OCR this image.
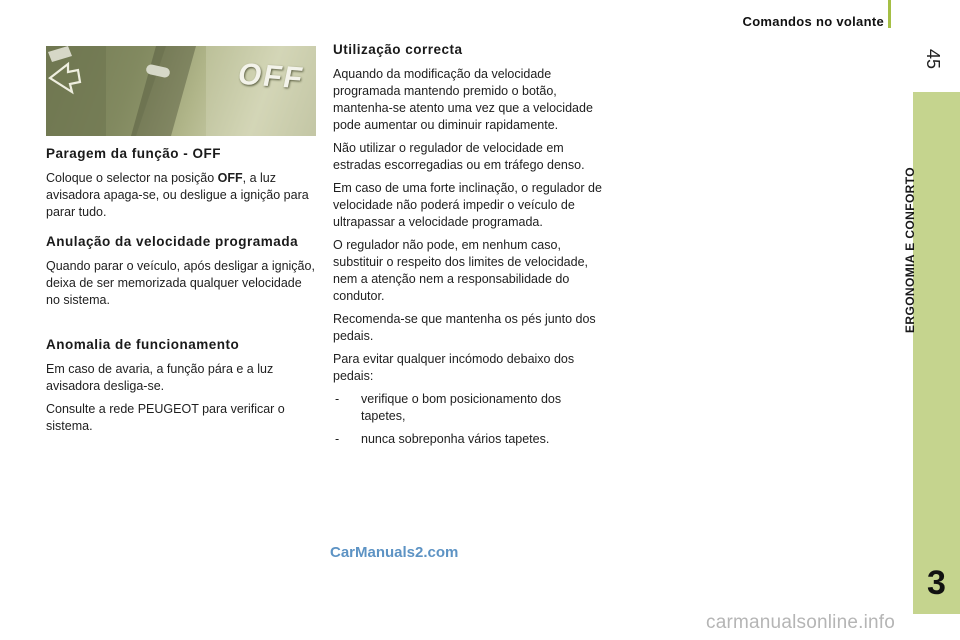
Comandos no volante
45
ERGONOMIA E CONFORTO
3
OFF
Paragem da função - OFF

Coloque o selector na posição OFF, a luz avisadora apaga-se, ou desligue a ignição para parar tudo.

Anulação da velocidade programada

Quando parar o veículo, após desligar a ignição, deixa de ser memorizada qualquer velocidade no sistema.

Anomalia de funcionamento

Em caso de avaria, a função pára e a luz avisadora desliga-se.

Consulte a rede PEUGEOT para verificar o sistema.

Utilização correcta

Aquando da modificação da velocidade programada mantendo premido o botão, mantenha-se atento uma vez que a velocidade pode aumentar ou diminuir rapidamente.

Não utilizar o regulador de velocidade em estradas escorregadias ou em tráfego denso.

Em caso de uma forte inclinação, o regulador de velocidade não poderá impedir o veículo de ultrapassar a velocidade programada.

O regulador não pode, em nenhum caso, substituir o respeito dos limites de velocidade, nem a atenção nem a responsabilidade do condutor.

Recomenda-se que mantenha os pés junto dos pedais.

Para evitar qualquer incómodo debaixo dos pedais:

- verifique o bom posicionamento dos tapetes,
- nunca sobreponha vários tapetes.
CarManuals2.com
carmanualsonline.info
